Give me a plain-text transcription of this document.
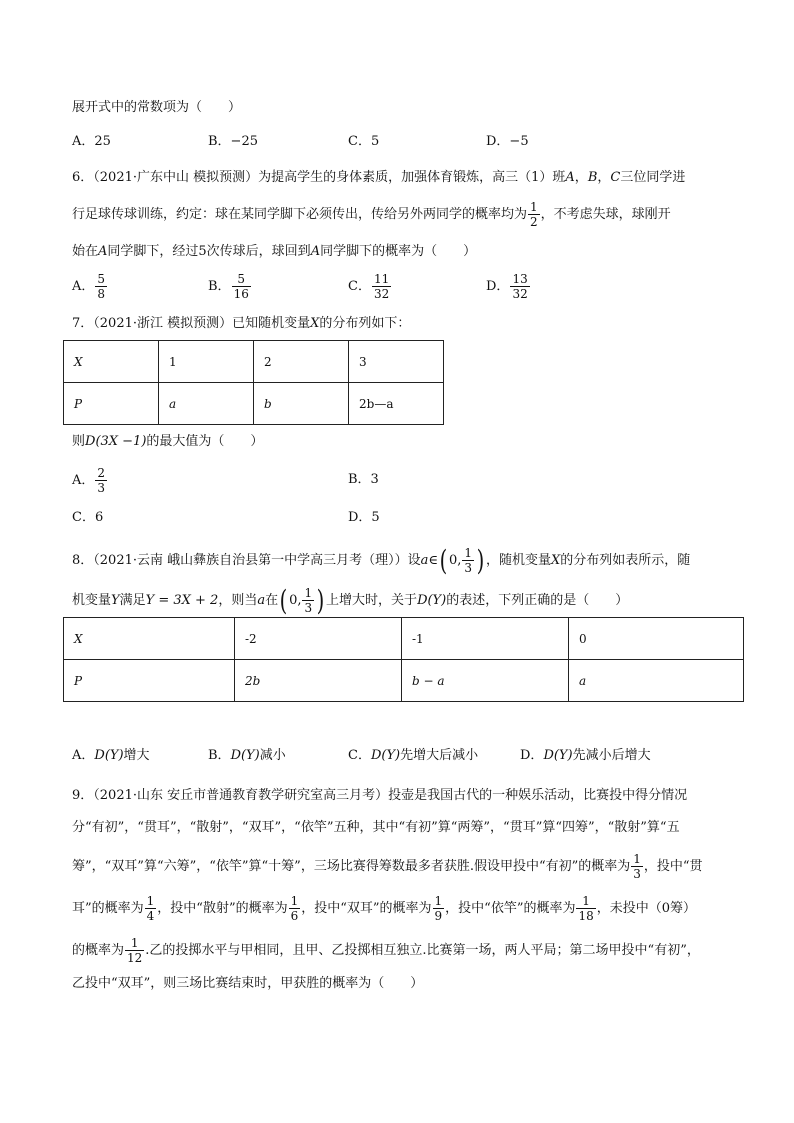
展开式中的常数项为（　　）
A．25	B．−25	C．5	D．−5
6．（2021·广东中山 模拟预测）为提高学生的身体素质，加强体育锻炼，高三（1）班A，B，C三位同学进
行足球传球训练，约定：球在某同学脚下必须传出，传给另外两同学的概率均为 $\frac{1}{2}$ ，不考虑失球，球刚开
始在A同学脚下，经过5次传球后，球回到A同学脚下的概率为（　　）
A． $\frac{5}{8}$	B． $\frac{5}{16}$	C． $\frac{11}{32}$	D． $\frac{13}{32}$
7．（2021·浙江 模拟预测）已知随机变量X的分布列如下：
X	1	2	3
P	a	b	2b—a
则D(3X −1)的最大值为（　　）
A． $\frac{2}{3}$	B．3
C．6	D．5
8．（2021·云南 峨山彝族自治县第一中学高三月考（理））设a∈ ( 0, $\frac{1}{3}$ ) ，随机变量X的分布列如表所示，随
机变量Y满足Y = 3X + 2，则当a在 ( 0, $\frac{1}{3}$ ) 上增大时，关于D(Y)的表述，下列正确的是（　　）
X	-2	-1	0
P	2b	b − a	a
A．D(Y)增大	B．D(Y)减小	C．D(Y)先增大后减小	D．D(Y)先减小后增大
9．（2021·山东 安丘市普通教育教学研究室高三月考）投壶是我国古代的一种娱乐活动，比赛投中得分情况
分“有初”，“贯耳”，“散射”，“双耳”，“依竿”五种，其中“有初”算“两筹”，“贯耳”算“四筹”，“散射”算“五
筹”，“双耳”算“六筹”，“依竿”算“十筹”，三场比赛得筹数最多者获胜.假设甲投中“有初”的概率为 $\frac{1}{3}$ ，投中“贯
耳”的概率为 $\frac{1}{4}$ ，投中“散射”的概率为 $\frac{1}{6}$ ，投中“双耳”的概率为 $\frac{1}{9}$ ，投中“依竿”的概率为 $\frac{1}{18}$ ，未投中（0筹）
的概率为 $\frac{1}{12}$ .乙的投掷水平与甲相同，且甲、乙投掷相互独立.比赛第一场，两人平局；第二场甲投中“有初”，
乙投中“双耳”，则三场比赛结束时，甲获胜的概率为（　　）
